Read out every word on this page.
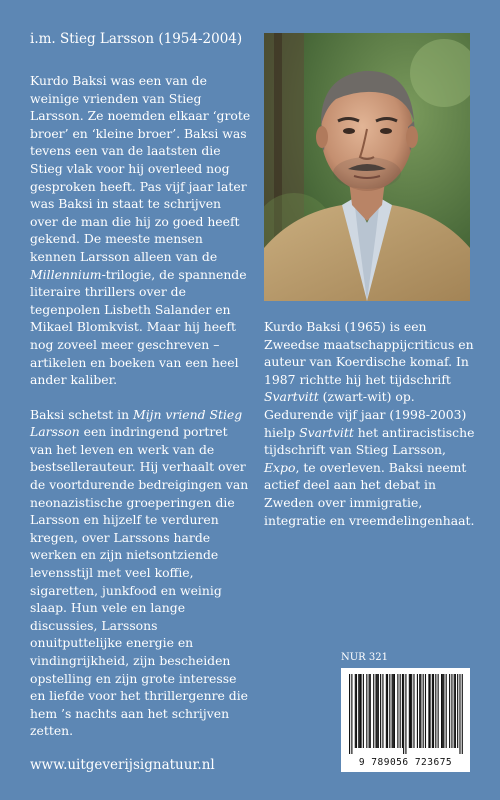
i.m. Stieg Larsson (1954-2004)

Kurdo Baksi was een van de weinige vrienden van Stieg Larsson. Ze noemden elkaar ‘grote broer’ en ‘kleine broer’. Baksi was tevens een van de laatsten die Stieg vlak voor hij overleed nog gesproken heeft. Pas vijf jaar later was Baksi in staat te schrijven over de man die hij zo goed heeft gekend. De meeste mensen kennen Larsson alleen van de Millennium-trilogie, de spannende literaire thrillers over de tegenpolen Lisbeth Salander en Mikael Blomkvist. Maar hij heeft nog zoveel meer geschreven – artikelen en boeken van een heel ander kaliber.

Baksi schetst in Mijn vriend Stieg Larsson een indringend portret van het leven en werk van de bestsellerauteur. Hij verhaalt over de voortdurende bedreigingen van neonazistische groeperingen die Larsson en hijzelf te verduren kregen, over Larssons harde werken en zijn nietsontziende levensstijl met veel koffie, sigaretten, junkfood en weinig slaap. Hun vele en lange discussies, Larssons onuitputtelijke energie en vindingrijkheid, zijn bescheiden opstelling en zijn grote interesse en liefde voor het thrillergenre die hem ’s nachts aan het schrijven zetten.

Kurdo Baksi (1965) is een Zweedse maatschappijcriticus en auteur van Koerdische komaf. In 1987 richtte hij het tijdschrift Svartvitt (zwart-wit) op. Gedurende vijf jaar (1998-2003) hielp Svartvitt het antiracistische tijdschrift van Stieg Larsson, Expo, te overleven. Baksi neemt actief deel aan het debat in Zweden over immigratie, integratie en vreemdelingenhaat.

NUR 321
9 789056 723675
www.uitgeverijsignatuur.nl
